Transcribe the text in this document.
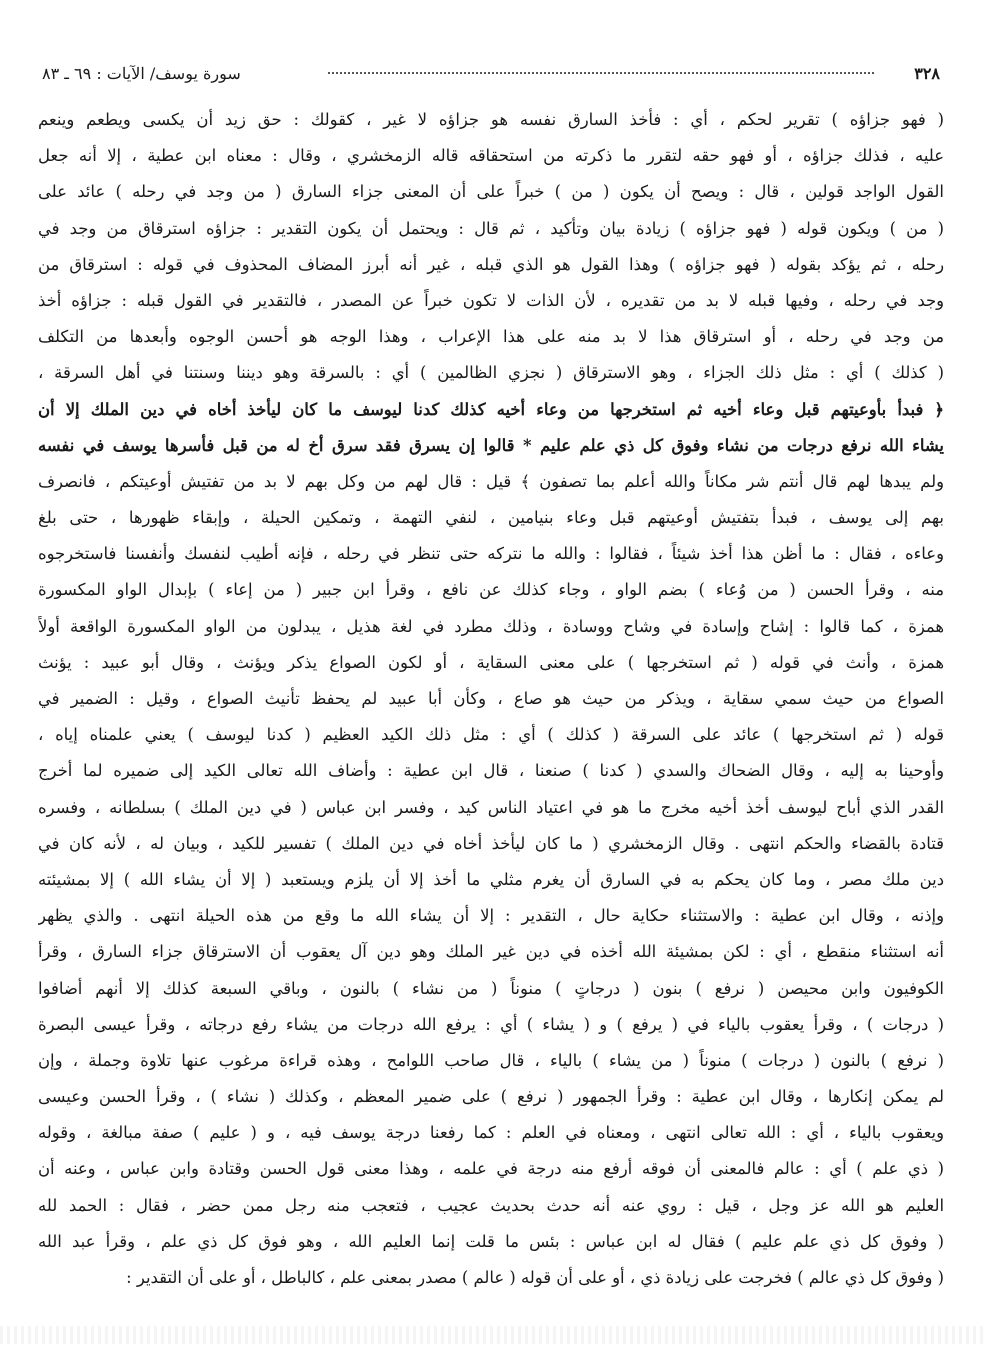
٣٢٨
سورة يوسف/ الآيات : ٦٩ ـ ٨٣
( فهو جزاؤه ) تقرير لحكم ، أي : فأخذ السارق نفسه هو جزاؤه لا غير ، كقولك : حق زيد أن يكسى ويطعم وينعم
عليه ، فذلك جزاؤه ، أو فهو حقه لتقرر ما ذكرته من استحقاقه قاله الزمخشري ، وقال : معناه ابن عطية ، إلا أنه جعل
القول الواجد قولين ، قال : ويصح أن يكون ( من ) خبراً على أن المعنى جزاء السارق ( من وجد في رحله ) عائد على
( من ) ويكون قوله ( فهو جزاؤه ) زيادة بيان وتأكيد ، ثم قال : ويحتمل أن يكون التقدير : جزاؤه استرقاق من وجد في
رحله ، ثم يؤكد بقوله ( فهو جزاؤه ) وهذا القول هو الذي قبله ، غير أنه أبرز المضاف المحذوف في قوله : استرقاق من
وجد في رحله ، وفيها قبله لا بد من تقديره ، لأن الذات لا تكون خبراً عن المصدر ، فالتقدير في القول قبله : جزاؤه أخذ
من وجد في رحله ، أو استرقاق هذا لا بد منه على هذا الإعراب ، وهذا الوجه هو أحسن الوجوه وأبعدها من التكلف
( كذلك ) أي : مثل ذلك الجزاء ، وهو الاسترقاق ( نجزي الظالمين ) أي : بالسرقة وهو ديننا وسنتنا في أهل السرقة ،
﴿ فبدأ بأوعيتهم قبل وعاء أخيه ثم استخرجها من وعاء أخيه كذلك كدنا ليوسف ما كان ليأخذ أخاه في دين الملك إلا أن
يشاء الله نرفع درجات من نشاء وفوق كل ذي علم عليم * قالوا إن يسرق فقد سرق أخ له من قبل فأسرها يوسف في نفسه
ولم يبدها لهم قال أنتم شر مكاناً والله أعلم بما تصفون ﴾ قيل : قال لهم من وكل بهم لا بد من تفتيش أوعيتكم ، فانصرف
بهم إلى يوسف ، فبدأ بتفتيش أوعيتهم قبل وعاء بنيامين ، لنفي التهمة ، وتمكين الحيلة ، وإبقاء ظهورها ، حتى بلغ
وعاءه ، فقال : ما أظن هذا أخذ شيئاً ، فقالوا : والله ما نتركه حتى تنظر في رحله ، فإنه أطيب لنفسك وأنفسنا فاستخرجوه
منه ، وقرأ الحسن ( من وُعاء ) بضم الواو ، وجاء كذلك عن نافع ، وقرأ ابن جبير ( من إعاء ) بإبدال الواو المكسورة
همزة ، كما قالوا : إشاح وإسادة في وشاح ووسادة ، وذلك مطرد في لغة هذيل ، يبدلون من الواو المكسورة الواقعة أولاً
همزة ، وأنث في قوله ( ثم استخرجها ) على معنى السقاية ، أو لكون الصواع يذكر ويؤنث ، وقال أبو عبيد : يؤنث
الصواع من حيث سمي سقاية ، ويذكر من حيث هو صاع ، وكأن أبا عبيد لم يحفظ تأنيث الصواع ، وقيل : الضمير في
قوله ( ثم استخرجها ) عائد على السرقة ( كذلك ) أي : مثل ذلك الكيد العظيم ( كدنا ليوسف ) يعني علمناه إياه ،
وأوحينا به إليه ، وقال الضحاك والسدي ( كدنا ) صنعنا ، قال ابن عطية : وأضاف الله تعالى الكيد إلى ضميره لما أخرج
القدر الذي أباح ليوسف أخذ أخيه مخرج ما هو في اعتياد الناس كيد ، وفسر ابن عباس ( في دين الملك ) بسلطانه ، وفسره
قتادة بالقضاء والحكم انتهى . وقال الزمخشري ( ما كان ليأخذ أخاه في دين الملك ) تفسير للكيد ، وبيان له ، لأنه كان في
دين ملك مصر ، وما كان يحكم به في السارق أن يغرم مثلي ما أخذ إلا أن يلزم ويستعبد ( إلا أن يشاء الله ) إلا بمشيئته
وإذنه ، وقال ابن عطية : والاستثناء حكاية حال ، التقدير : إلا أن يشاء الله ما وقع من هذه الحيلة انتهى . والذي يظهر
أنه استثناء منقطع ، أي : لكن بمشيئة الله أخذه في دين غير الملك وهو دين آل يعقوب أن الاسترقاق جزاء السارق ، وقرأ
الكوفيون وابن محيصن ( نرفع ) بنون ( درجاتٍ ) منوناً ( من نشاء ) بالنون ، وباقي السبعة كذلك إلا أنهم أضافوا
( درجات ) ، وقرأ يعقوب بالياء في ( يرفع ) و ( يشاء ) أي : يرفع الله درجات من يشاء رفع درجاته ، وقرأ عيسى البصرة
( نرفع ) بالنون ( درجات ) منوناً ( من يشاء ) بالياء ، قال صاحب اللوامح ، وهذه قراءة مرغوب عنها تلاوة وجملة ، وإن
لم يمكن إنكارها ، وقال ابن عطية : وقرأ الجمهور ( نرفع ) على ضمير المعظم ، وكذلك ( نشاء ) ، وقرأ الحسن وعيسى
ويعقوب بالياء ، أي : الله تعالى انتهى ، ومعناه في العلم : كما رفعنا درجة يوسف فيه ، و ( عليم ) صفة مبالغة ، وقوله
( ذي علم ) أي : عالم فالمعنى أن فوقه أرفع منه درجة في علمه ، وهذا معنى قول الحسن وقتادة وابن عباس ، وعنه أن
العليم هو الله عز وجل ، قيل : روي عنه أنه حدث بحديث عجيب ، فتعجب منه رجل ممن حضر ، فقال : الحمد لله
( وفوق كل ذي علم عليم ) فقال له ابن عباس : بئس ما قلت إنما العليم الله ، وهو فوق كل ذي علم ، وقرأ عبد الله
( وفوق كل ذي عالم ) فخرجت على زيادة ذي ، أو على أن قوله ( عالم ) مصدر بمعنى علم ، كالباطل ، أو على أن التقدير :
